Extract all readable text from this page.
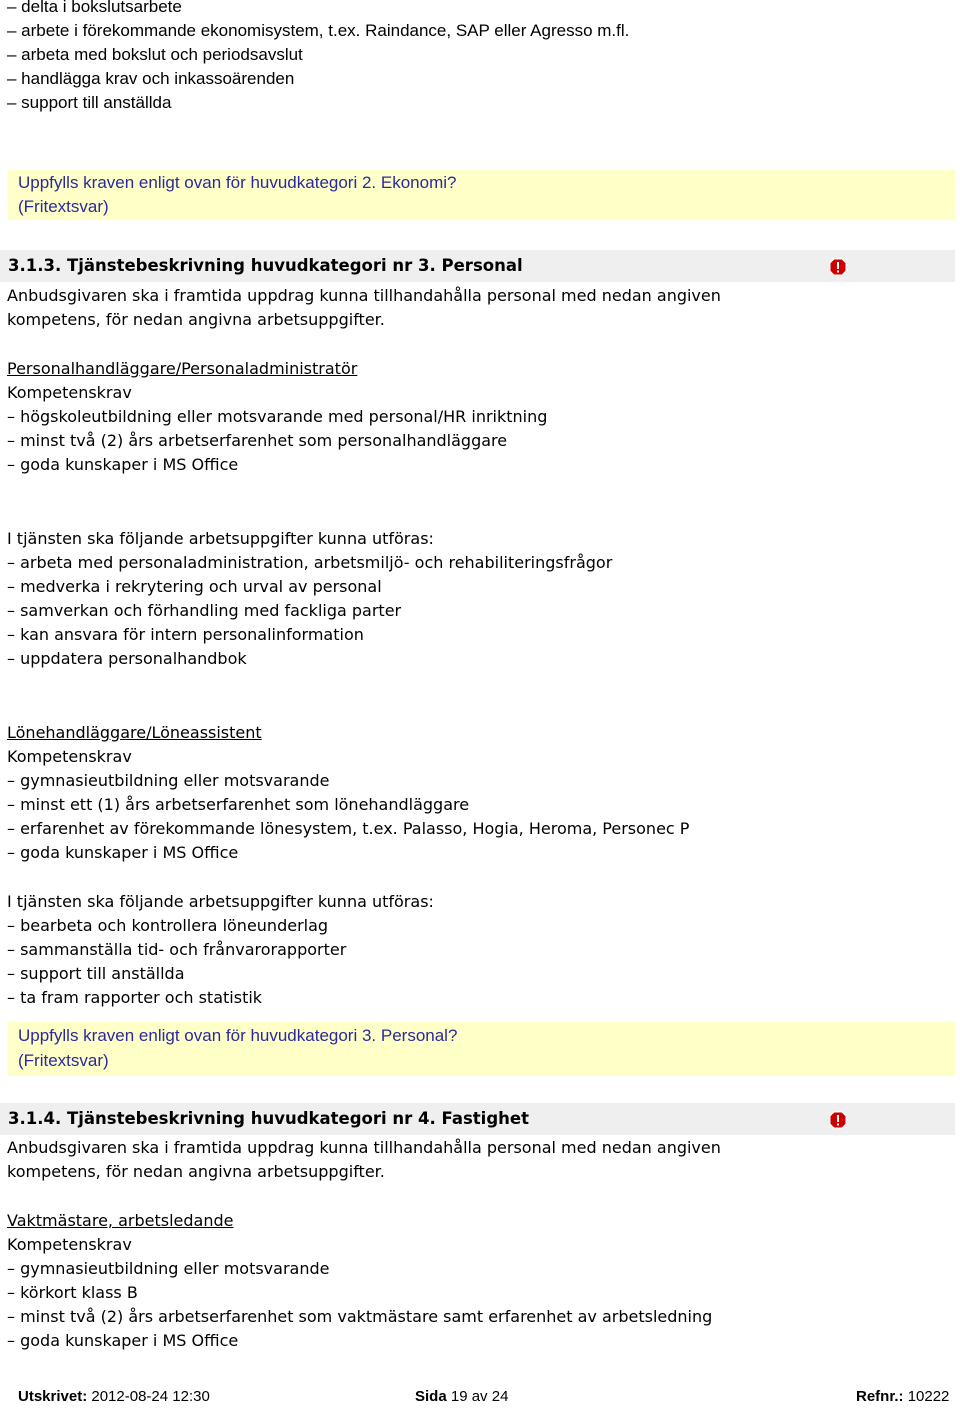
– delta i bokslutsarbete
– arbete i förekommande ekonomisystem, t.ex. Raindance, SAP eller Agresso m.fl.
– arbeta med bokslut och periodsavslut
– handlägga krav och inkassoärenden
– support till anställda
Uppfylls kraven enligt ovan för huvudkategori 2. Ekonomi?
(Fritextsvar)
3.1.3. Tjänstebeskrivning huvudkategori nr 3. Personal
Anbudsgivaren ska i framtida uppdrag kunna tillhandahålla personal med nedan angiven
kompetens, för nedan angivna arbetsuppgifter.
Personalhandläggare/Personaladministratör
Kompetenskrav
– högskoleutbildning eller motsvarande med personal/HR inriktning
– minst två (2) års arbetserfarenhet som personalhandläggare
– goda kunskaper i MS Office
I tjänsten ska följande arbetsuppgifter kunna utföras:
– arbeta med personaladministration, arbetsmiljö- och rehabiliteringsfrågor
– medverka i rekrytering och urval av personal
– samverkan och förhandling med fackliga parter
– kan ansvara för intern personalinformation
– uppdatera personalhandbok
Lönehandläggare/Löneassistent
Kompetenskrav
– gymnasieutbildning eller motsvarande
– minst ett (1) års arbetserfarenhet som lönehandläggare
– erfarenhet av förekommande lönesystem, t.ex. Palasso, Hogia, Heroma, Personec P
– goda kunskaper i MS Office
I tjänsten ska följande arbetsuppgifter kunna utföras:
– bearbeta och kontrollera löneunderlag
– sammanställa tid- och frånvarorapporter
– support till anställda
– ta fram rapporter och statistik
Uppfylls kraven enligt ovan för huvudkategori 3. Personal?
(Fritextsvar)
3.1.4. Tjänstebeskrivning huvudkategori nr 4. Fastighet
Anbudsgivaren ska i framtida uppdrag kunna tillhandahålla personal med nedan angiven
kompetens, för nedan angivna arbetsuppgifter.
Vaktmästare, arbetsledande
Kompetenskrav
– gymnasieutbildning eller motsvarande
– körkort klass B
– minst två (2) års arbetserfarenhet som vaktmästare samt erfarenhet av arbetsledning
– goda kunskaper i MS Office
Utskrivet: 2012-08-24 12:30	Sida 19 av 24	Refnr.: 10222
